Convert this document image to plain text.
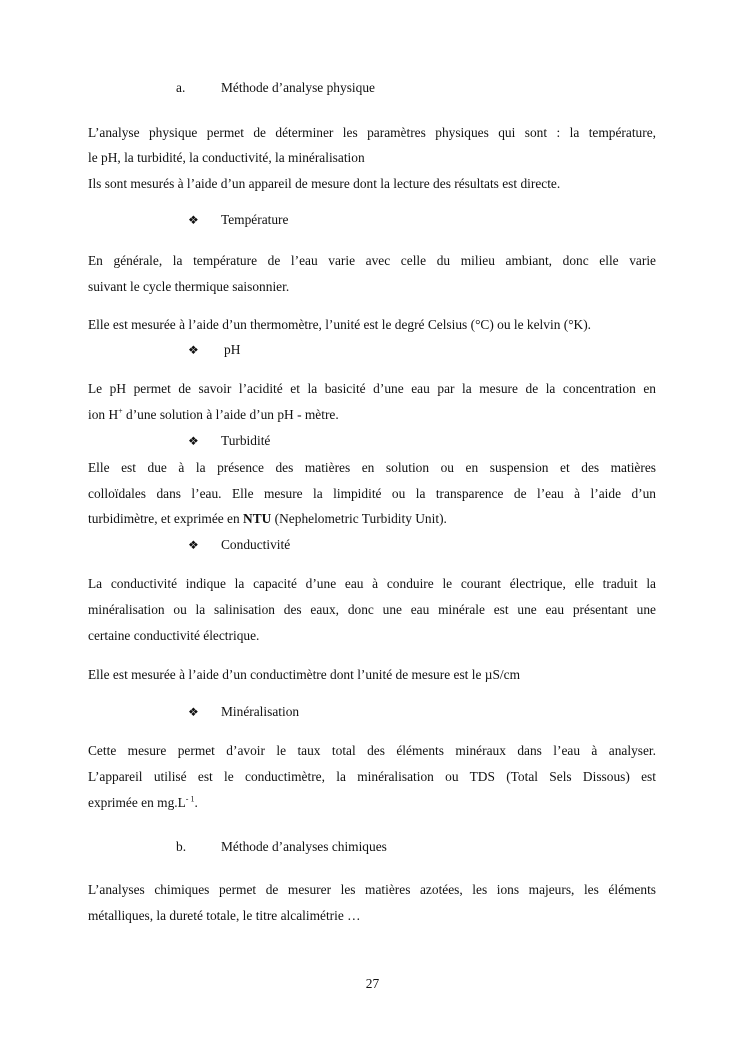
a.	Méthode d’analyse physique
L’analyse physique permet de déterminer les paramètres physiques qui sont : la température,
le pH, la turbidité, la conductivité, la minéralisation
Ils sont mesurés à l’aide d’un appareil de mesure dont la lecture des résultats est directe.
❖ Température
En générale, la température de l’eau varie avec celle du milieu ambiant, donc elle varie
suivant le cycle thermique saisonnier.
Elle est mesurée à l’aide d’un thermomètre, l’unité est le degré Celsius (°C) ou le kelvin (°K).
❖ pH
Le pH permet de savoir l’acidité et la basicité d’une eau par la mesure de la concentration en
ion H+ d’une solution à l’aide d’un pH - mètre.
❖ Turbidité
Elle est due à la présence des matières en solution ou en suspension et des matières
colloïdales dans l’eau. Elle mesure la limpidité ou la transparence de l’eau à l’aide d’un
turbidimètre, et exprimée en NTU (Nephelometric Turbidity Unit).
❖ Conductivité
La conductivité indique la capacité d’une eau à conduire le courant électrique, elle traduit la
minéralisation ou la salinisation des eaux, donc une eau minérale est une eau présentant une
certaine conductivité électrique.
Elle est mesurée à l’aide d’un conductimètre dont l’unité de mesure est le µS/cm
❖ Minéralisation
Cette mesure permet d’avoir le taux total des éléments minéraux dans l’eau à analyser.
L’appareil utilisé est le conductimètre, la minéralisation ou TDS (Total Sels Dissous) est
exprimée en $mg.L^{- 1}$.
b.	Méthode d’analyses chimiques
L’analyses chimiques permet de mesurer les matières azotées, les ions majeurs, les éléments
métalliques, la dureté totale, le titre alcalimétrie …
27
